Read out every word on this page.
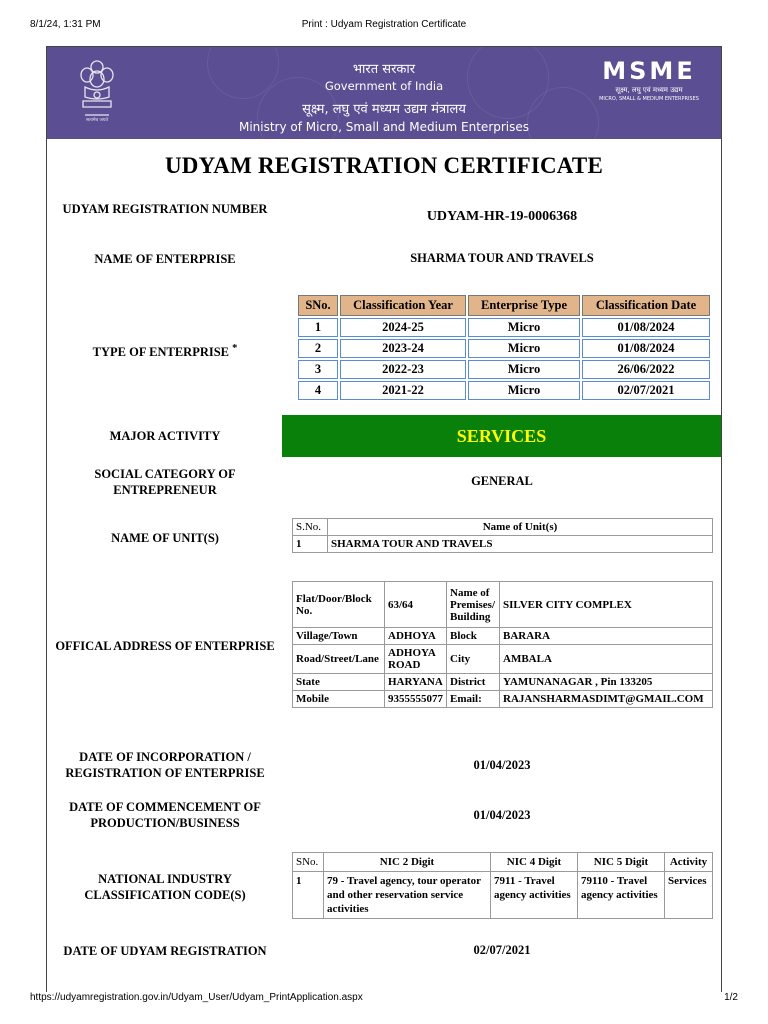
8/1/24, 1:31 PM	Print : Udyam Registration Certificate
सत्यमेव जयते
भारत सरकार
Government of India
सूक्ष्म, लघु एवं मध्यम उद्यम मंत्रालय
Ministry of Micro, Small and Medium Enterprises
MSME
सूक्ष्म, लघु एवं मध्यम उद्यम
MICRO, SMALL & MEDIUM ENTERPRISES
UDYAM REGISTRATION CERTIFICATE
UDYAM REGISTRATION NUMBER	UDYAM-HR-19-0006368
NAME OF ENTERPRISE	SHARMA TOUR AND TRAVELS
TYPE OF ENTERPRISE *
SNo.	Classification Year	Enterprise Type	Classification Date
1	2024-25	Micro	01/08/2024
2	2023-24	Micro	01/08/2024
3	2022-23	Micro	26/06/2022
4	2021-22	Micro	02/07/2021
MAJOR ACTIVITY	SERVICES
SOCIAL CATEGORY OF ENTREPRENEUR
GENERAL
NAME OF UNIT(S)
S.No.	Name of Unit(s)
1	SHARMA TOUR AND TRAVELS
OFFICAL ADDRESS OF ENTERPRISE
Flat/Door/Block No.	63/64	Name of Premises/ Building	SILVER CITY COMPLEX
Village/Town	ADHOYA	Block	BARARA
Road/Street/Lane	ADHOYA ROAD	City	AMBALA
State	HARYANA	District	YAMUNANAGAR , Pin 133205
Mobile	9355555077	Email:	RAJANSHARMASDIMT@GMAIL.COM
DATE OF INCORPORATION / REGISTRATION OF ENTERPRISE
01/04/2023
DATE OF COMMENCEMENT OF PRODUCTION/BUSINESS
01/04/2023
NATIONAL INDUSTRY CLASSIFICATION CODE(S)
SNo.	NIC 2 Digit	NIC 4 Digit	NIC 5 Digit	Activity
1	79 - Travel agency, tour operator and other reservation service activities	7911 - Travel agency activities	79110 - Travel agency activities	Services
DATE OF UDYAM REGISTRATION	02/07/2021
https://udyamregistration.gov.in/Udyam_User/Udyam_PrintApplication.aspx	1/2
